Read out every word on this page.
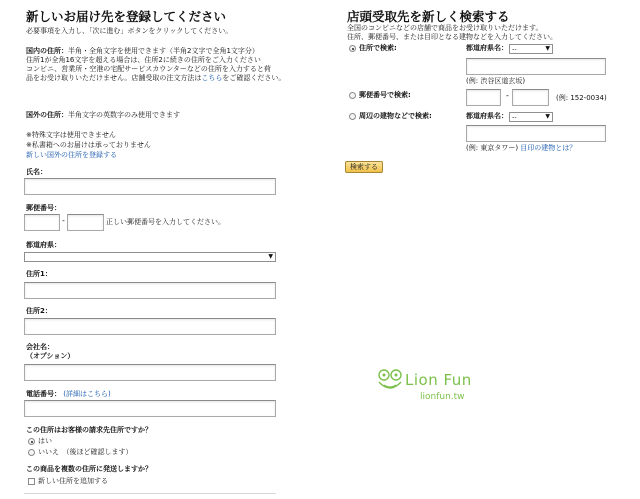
新しいお届け先を登録してください
必要事項を入力し、「次に進む」ボタンをクリックしてください。
国内の住所：半角・全角文字を使用できます（半角2文字で全角1文字分）
住所1が全角16文字を超える場合は、住所2に続きの住所をご入力ください
コンビニ、営業所・空港の宅配サービスカウンターなどの住所を入力すると荷
品をお受け取りいただけません。店舗受取の注文方法はこちらをご確認ください。
国外の住所：半角文字の英数字のみ使用できます
※特殊文字は使用できません
※私書箱へのお届けは承っておりません
新しい国外の住所を登録する
氏名：
郵便番号：
-	正しい郵便番号を入力してください。
都道府県：
▼
住所1：
住所2：
会社名：
（オプション）
電話番号： (詳細はこちら)
この住所はお客様の請求先住所ですか？
はい
いいえ　（後ほど確認します）
この商品を複数の住所に発送しますか？
新しい住所を追加する
店頭受取先を新しく検索する
全国のコンビニなどの店舗で商品をお受け取りいただけます。
住所、郵便番号、または目印となる建物などを入力してください。
住所で検索:	都道府県名： --	▼
(例: 渋谷区道玄坂)
郵便番号で検索:	-	(例: 152-0034)
周辺の建物などで検索:	都道府県名： --	▼
(例: 東京タワー) 目印の建物とは？
検索する
Lion Fun
lionfun.tw
